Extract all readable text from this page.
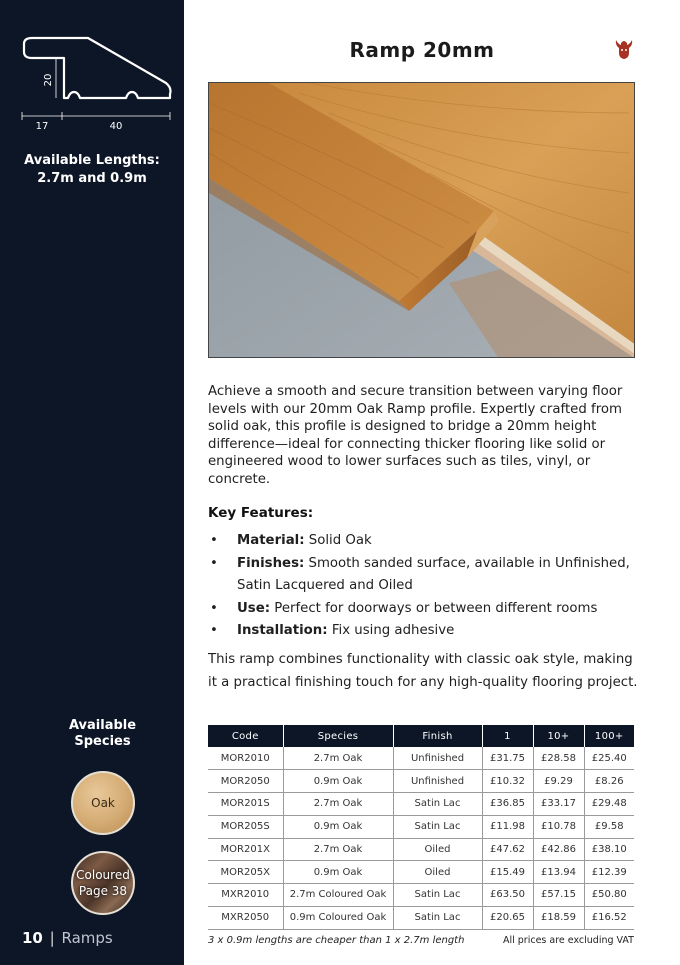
20
17	40
Available Lengths:
2.7m and 0.9m
Available
Species
Oak
Coloured
Page 38
10 | Ramps
Ramp 20mm

Achieve a smooth and secure transition between varying floor levels with our 20mm Oak Ramp profile. Expertly crafted from solid oak, this profile is designed to bridge a 20mm height difference—ideal for connecting thicker flooring like solid or engineered wood to lower surfaces such as tiles, vinyl, or concrete.

Key Features:
• Material: Solid Oak
• Finishes: Smooth sanded surface, available in Unfinished, Satin Lacquered and Oiled
• Use: Perfect for doorways or between different rooms
• Installation: Fix using adhesive

This ramp combines functionality with classic oak style, making it a practical finishing touch for any high-quality flooring project.

Code	Species	Finish	1	10+	100+
MOR2010	2.7m Oak	Unfinished	£31.75	£28.58	£25.40
MOR2050	0.9m Oak	Unfinished	£10.32	£9.29	£8.26
MOR201S	2.7m Oak	Satin Lac	£36.85	£33.17	£29.48
MOR205S	0.9m Oak	Satin Lac	£11.98	£10.78	£9.58
MOR201X	2.7m Oak	Oiled	£47.62	£42.86	£38.10
MOR205X	0.9m Oak	Oiled	£15.49	£13.94	£12.39
MXR2010	2.7m Coloured Oak	Satin Lac	£63.50	£57.15	£50.80
MXR2050	0.9m Coloured Oak	Satin Lac	£20.65	£18.59	£16.52
3 x 0.9m lengths are cheaper than 1 x 2.7m length	All prices are excluding VAT
